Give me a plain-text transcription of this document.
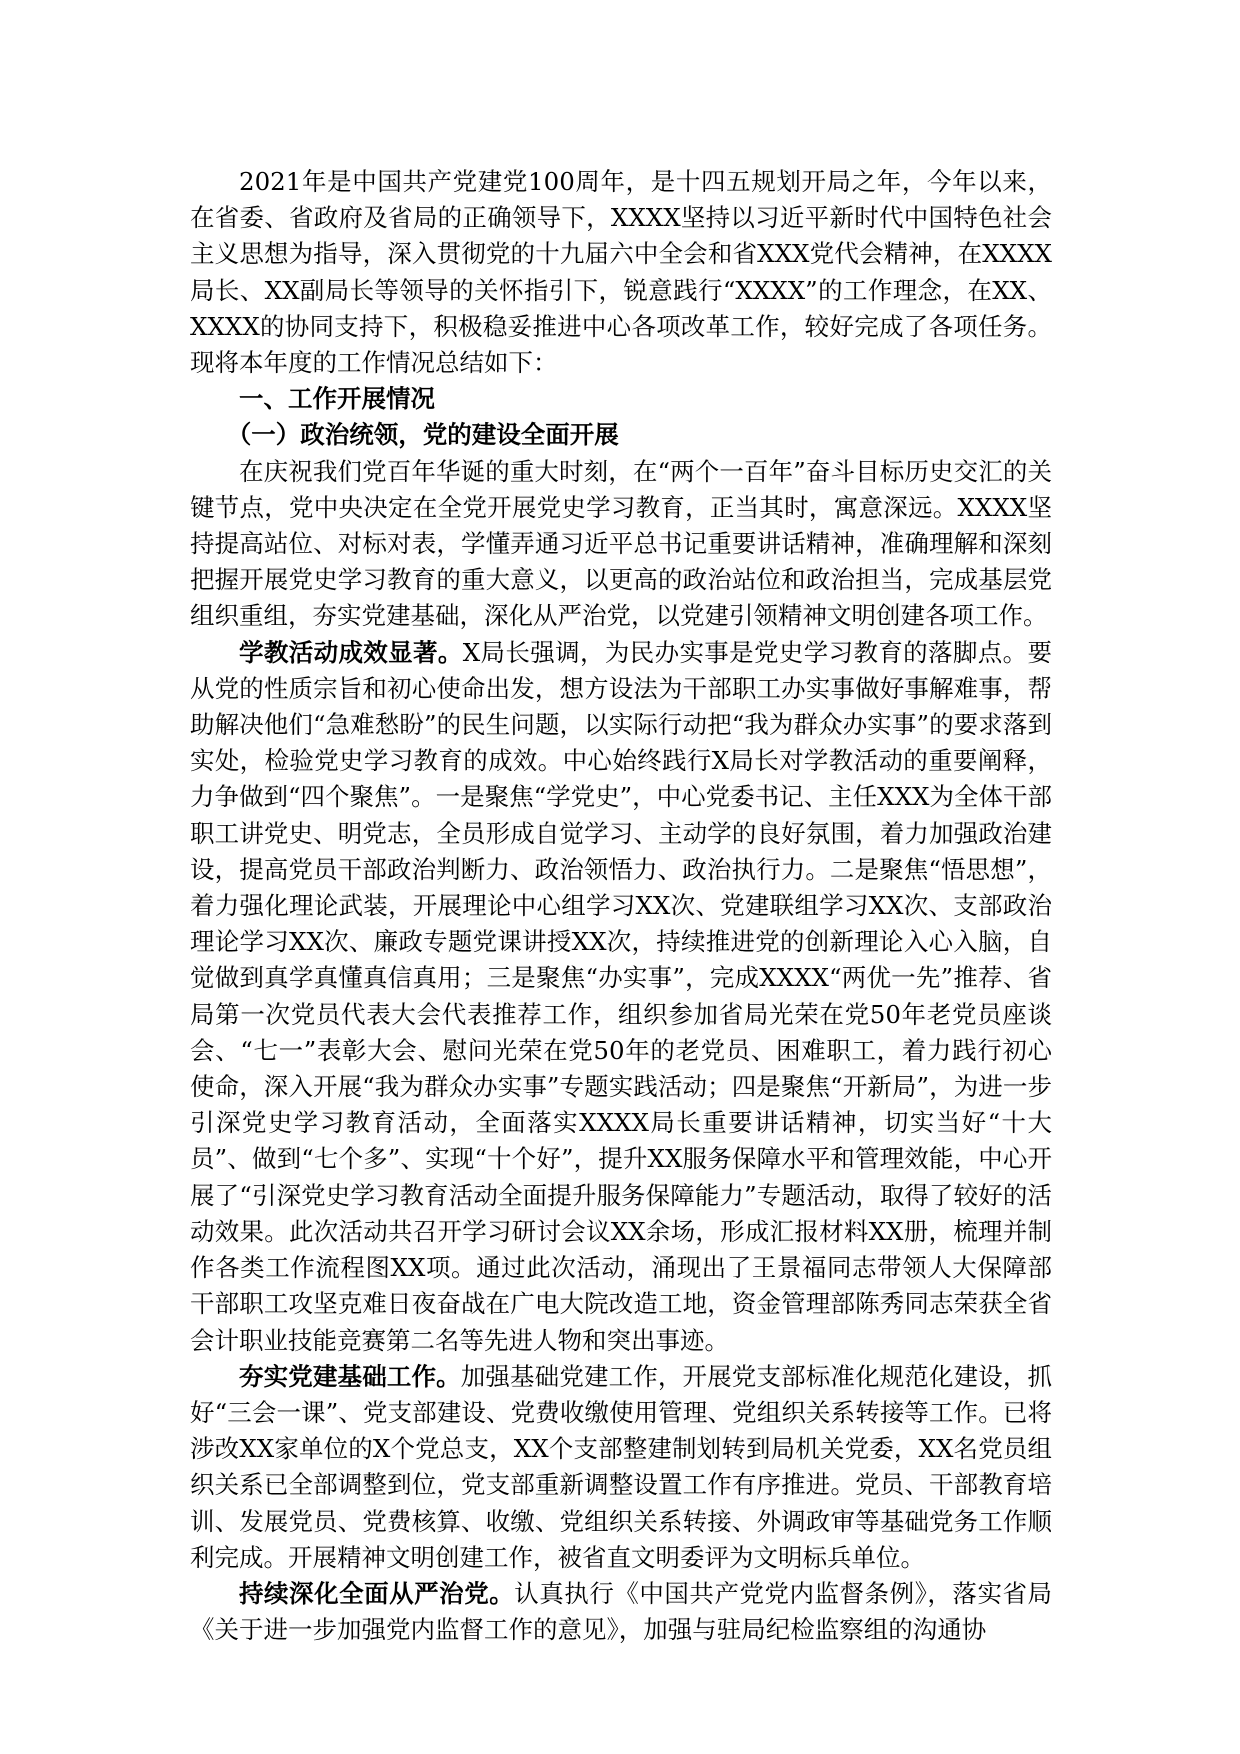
2021年是中国共产党建党100周年，是十四五规划开局之年，今年以来，在省委、省政府及省局的正确领导下，XXXX坚持以习近平新时代中国特色社会主义思想为指导，深入贯彻党的十九届六中全会和省XXX党代会精神，在XXXX局长、XX副局长等领导的关怀指引下，锐意践行“XXXX”的工作理念，在XX、XXXX的协同支持下，积极稳妥推进中心各项改革工作，较好完成了各项任务。现将本年度的工作情况总结如下：

一、工作开展情况
（一）政治统领，党的建设全面开展

在庆祝我们党百年华诞的重大时刻，在“两个一百年”奋斗目标历史交汇的关键节点，党中央决定在全党开展党史学习教育，正当其时，寓意深远。XXXX坚持提高站位、对标对表，学懂弄通习近平总书记重要讲话精神，准确理解和深刻把握开展党史学习教育的重大意义，以更高的政治站位和政治担当，完成基层党组织重组，夯实党建基础，深化从严治党，以党建引领精神文明创建各项工作。

学教活动成效显著。X局长强调，为民办实事是党史学习教育的落脚点。要从党的性质宗旨和初心使命出发，想方设法为干部职工办实事做好事解难事，帮助解决他们“急难愁盼”的民生问题，以实际行动把“我为群众办实事”的要求落到实处，检验党史学习教育的成效。中心始终践行X局长对学教活动的重要阐释，力争做到“四个聚焦”。一是聚焦“学党史”，中心党委书记、主任XXX为全体干部职工讲党史、明党志，全员形成自觉学习、主动学的良好氛围，着力加强政治建设，提高党员干部政治判断力、政治领悟力、政治执行力。二是聚焦“悟思想”，着力强化理论武装，开展理论中心组学习XX次、党建联组学习XX次、支部政治理论学习XX次、廉政专题党课讲授XX次，持续推进党的创新理论入心入脑，自觉做到真学真懂真信真用；三是聚焦“办实事”，完成XXXX“两优一先”推荐、省局第一次党员代表大会代表推荐工作，组织参加省局光荣在党50年老党员座谈会、“七一”表彰大会、慰问光荣在党50年的老党员、困难职工，着力践行初心使命，深入开展“我为群众办实事”专题实践活动；四是聚焦“开新局”，为进一步引深党史学习教育活动，全面落实XXXX局长重要讲话精神，切实当好“十大员”、做到“七个多”、实现“十个好”，提升XX服务保障水平和管理效能，中心开展了“引深党史学习教育活动全面提升服务保障能力”专题活动，取得了较好的活动效果。此次活动共召开学习研讨会议XX余场，形成汇报材料XX册，梳理并制作各类工作流程图XX项。通过此次活动，涌现出了王景福同志带领人大保障部干部职工攻坚克难日夜奋战在广电大院改造工地，资金管理部陈秀同志荣获全省会计职业技能竞赛第二名等先进人物和突出事迹。

夯实党建基础工作。加强基础党建工作，开展党支部标准化规范化建设，抓好“三会一课”、党支部建设、党费收缴使用管理、党组织关系转接等工作。已将涉改XX家单位的X个党总支，XX个支部整建制划转到局机关党委，XX名党员组织关系已全部调整到位，党支部重新调整设置工作有序推进。党员、干部教育培训、发展党员、党费核算、收缴、党组织关系转接、外调政审等基础党务工作顺利完成。开展精神文明创建工作，被省直文明委评为文明标兵单位。

持续深化全面从严治党。认真执行《中国共产党党内监督条例》，落实省局《关于进一步加强党内监督工作的意见》，加强与驻局纪检监察组的沟通协
